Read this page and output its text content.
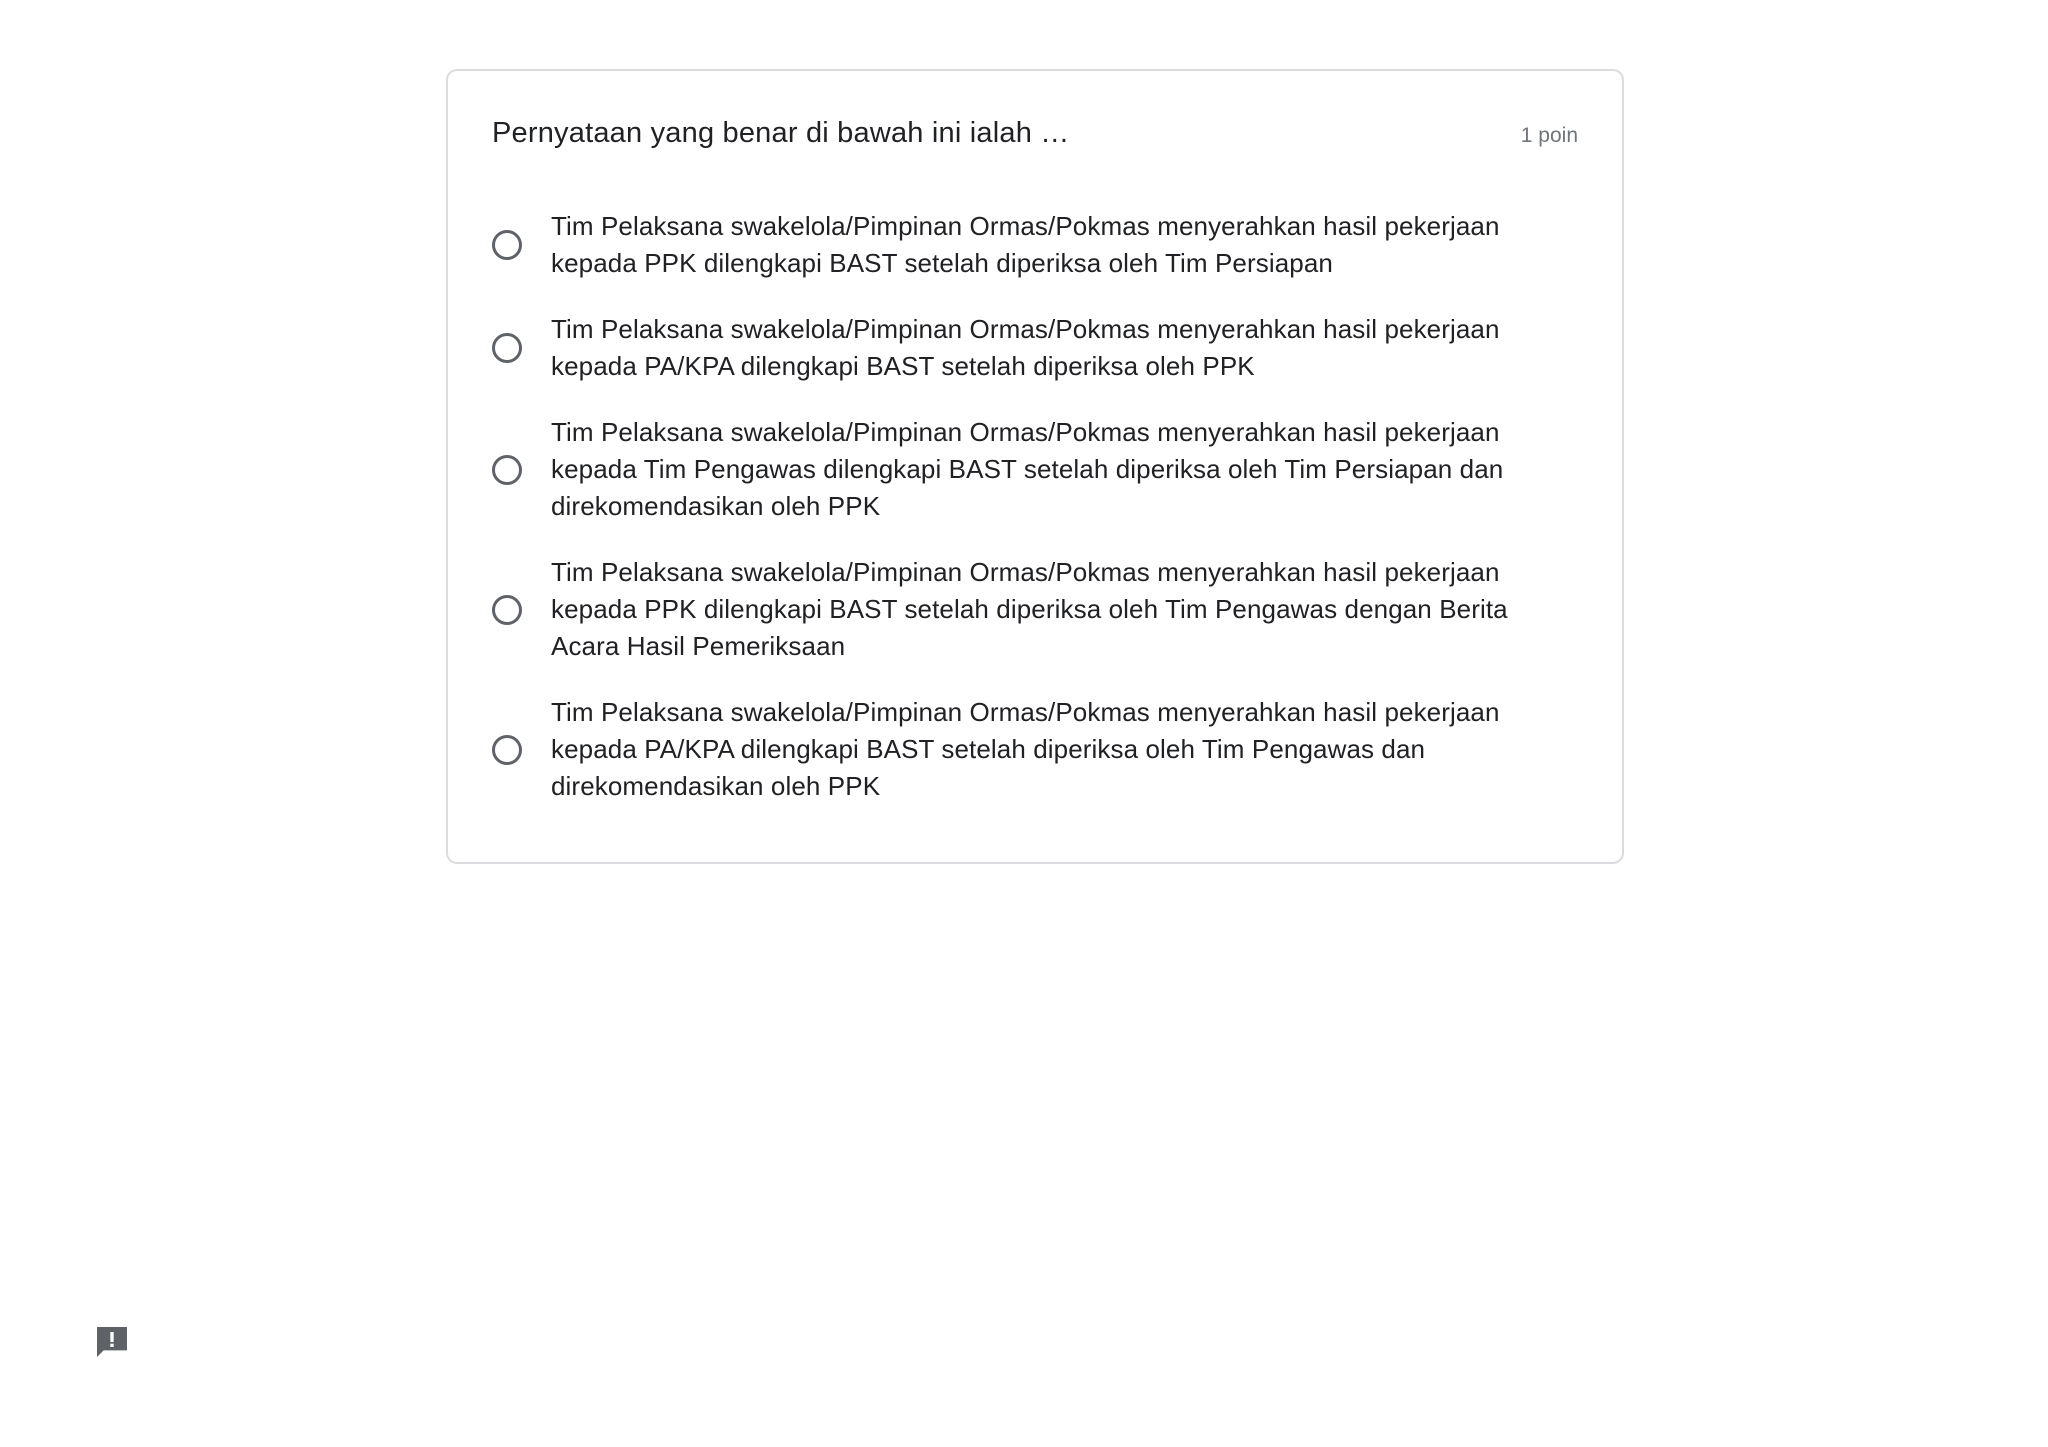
Pernyataan yang benar di bawah ini ialah …	1 poin
Tim Pelaksana swakelola/Pimpinan Ormas/Pokmas menyerahkan hasil pekerjaan kepada PPK dilengkapi BAST setelah diperiksa oleh Tim Persiapan
Tim Pelaksana swakelola/Pimpinan Ormas/Pokmas menyerahkan hasil pekerjaan kepada PA/KPA dilengkapi BAST setelah diperiksa oleh PPK
Tim Pelaksana swakelola/Pimpinan Ormas/Pokmas menyerahkan hasil pekerjaan kepada Tim Pengawas dilengkapi BAST setelah diperiksa oleh Tim Persiapan dan direkomendasikan oleh PPK
Tim Pelaksana swakelola/Pimpinan Ormas/Pokmas menyerahkan hasil pekerjaan kepada PPK dilengkapi BAST setelah diperiksa oleh Tim Pengawas dengan Berita Acara Hasil Pemeriksaan
Tim Pelaksana swakelola/Pimpinan Ormas/Pokmas menyerahkan hasil pekerjaan kepada PA/KPA dilengkapi BAST setelah diperiksa oleh Tim Pengawas dan direkomendasikan oleh PPK
